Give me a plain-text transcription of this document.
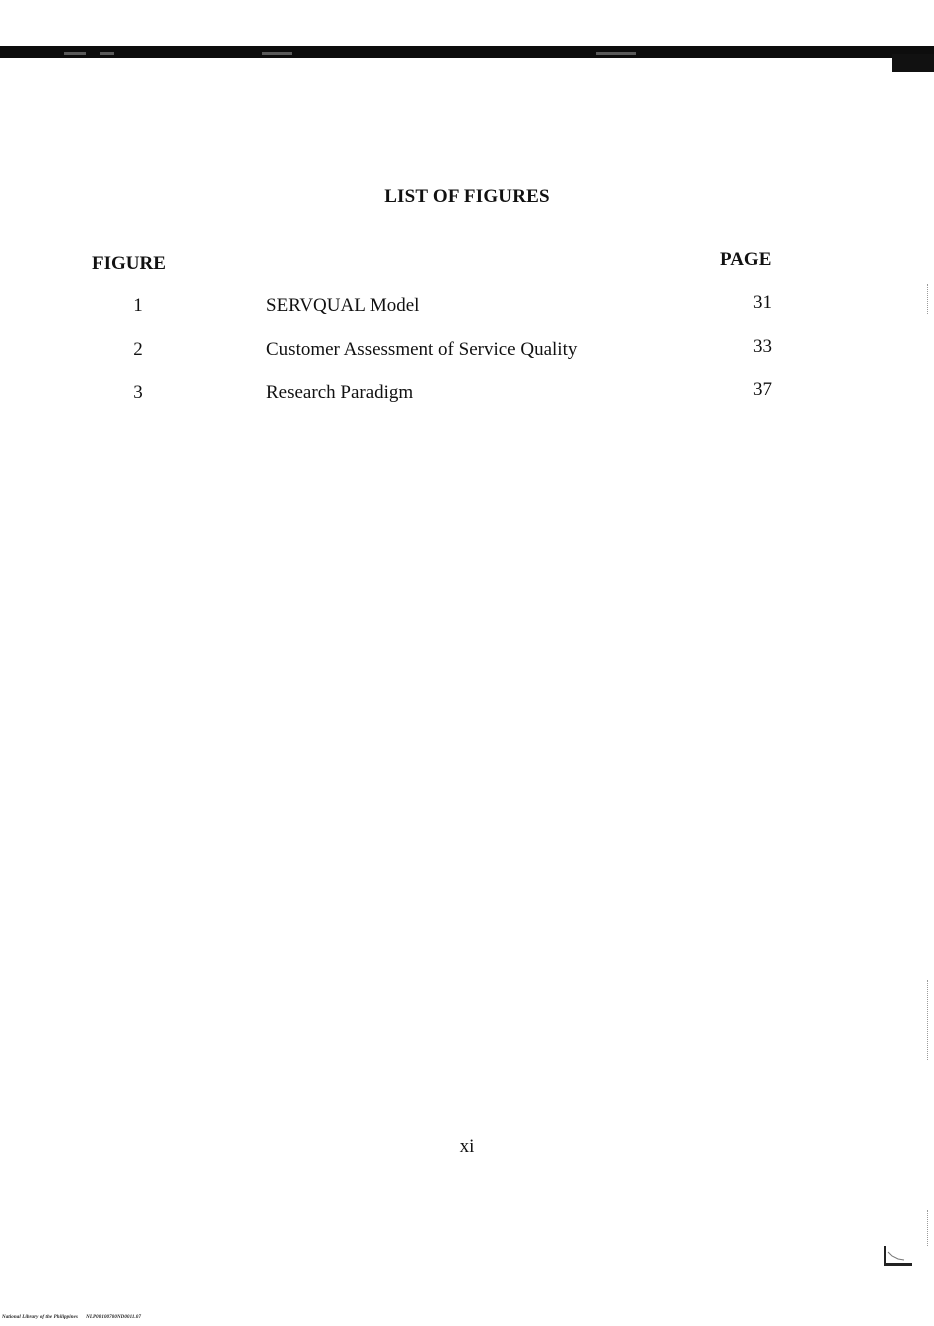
LIST OF FIGURES
FIGURE	PAGE
1	SERVQUAL Model	31
2	Customer Assessment of Service Quality	33
3	Research Paradigm	37
xi
National Library of the Philippines NLP00100700ND0011.07
